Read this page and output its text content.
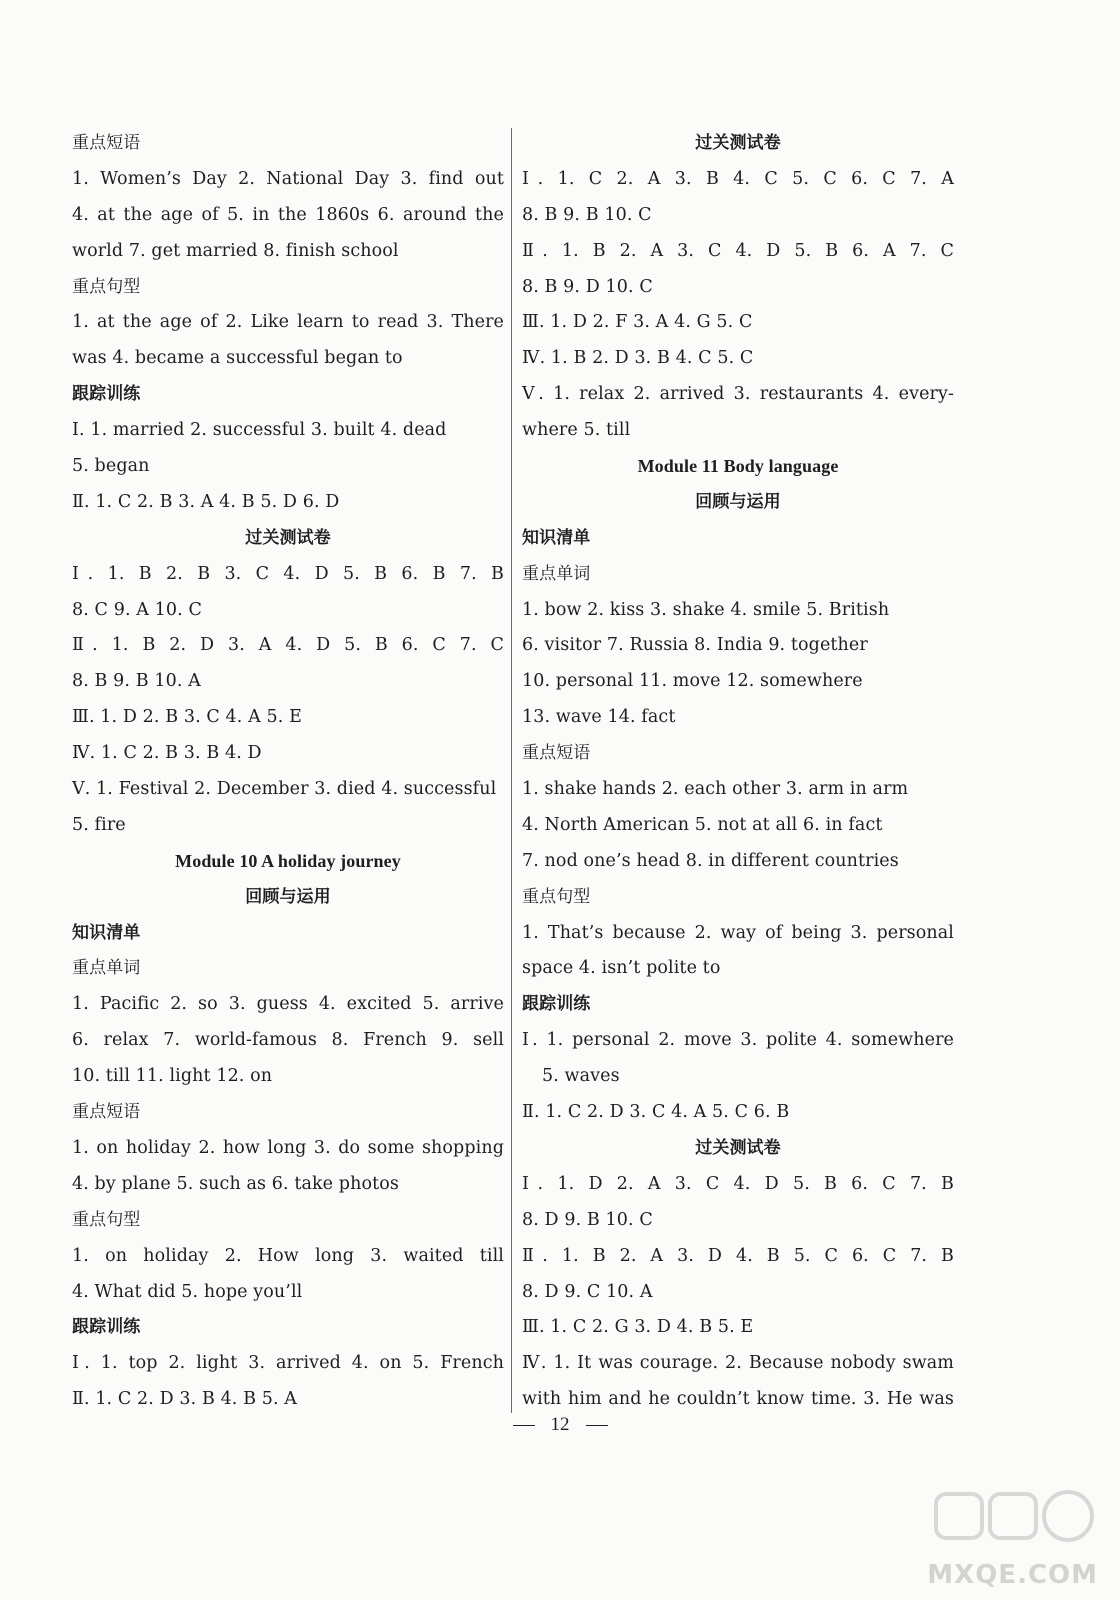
重点短语
1. Women’s Day 2. National Day 3. find out
4. at the age of 5. in the 1860s 6. around the
world 7. get married 8. finish school
重点句型
1. at the age of 2. Like learn to read 3. There
was 4. became a successful began to
跟踪训练
Ⅰ. 1. married 2. successful 3. built 4. dead
5. began
Ⅱ. 1. C 2. B 3. A 4. B 5. D 6. D
过关测试卷
Ⅰ. 1. B 2. B 3. C 4. D 5. B 6. B 7. B
8. C 9. A 10. C
Ⅱ. 1. B 2. D 3. A 4. D 5. B 6. C 7. C
8. B 9. B 10. A
Ⅲ. 1. D 2. B 3. C 4. A 5. E
Ⅳ. 1. C 2. B 3. B 4. D
Ⅴ. 1. Festival 2. December 3. died 4. successful
5. fire
Module 10 A holiday journey
回顾与运用
知识清单
重点单词
1. Pacific 2. so 3. guess 4. excited 5. arrive
6. relax 7. world-famous 8. French 9. sell
10. till 11. light 12. on
重点短语
1. on holiday 2. how long 3. do some shopping
4. by plane 5. such as 6. take photos
重点句型
1. on holiday 2. How long 3. waited till
4. What did 5. hope you’ll
跟踪训练
Ⅰ. 1. top 2. light 3. arrived 4. on 5. French
Ⅱ. 1. C 2. D 3. B 4. B 5. A
过关测试卷
Ⅰ. 1. C 2. A 3. B 4. C 5. C 6. C 7. A
8. B 9. B 10. C
Ⅱ. 1. B 2. A 3. C 4. D 5. B 6. A 7. C
8. B 9. D 10. C
Ⅲ. 1. D 2. F 3. A 4. G 5. C
Ⅳ. 1. B 2. D 3. B 4. C 5. C
Ⅴ. 1. relax 2. arrived 3. restaurants 4. every-
where 5. till
Module 11 Body language
回顾与运用
知识清单
重点单词
1. bow 2. kiss 3. shake 4. smile 5. British
6. visitor 7. Russia 8. India 9. together
10. personal 11. move 12. somewhere
13. wave 14. fact
重点短语
1. shake hands 2. each other 3. arm in arm
4. North American 5. not at all 6. in fact
7. nod one’s head 8. in different countries
重点句型
1. That’s because 2. way of being 3. personal
space 4. isn’t polite to
跟踪训练
Ⅰ. 1. personal 2. move 3. polite 4. somewhere
5. waves
Ⅱ. 1. C 2. D 3. C 4. A 5. C 6. B
过关测试卷
Ⅰ. 1. D 2. A 3. C 4. D 5. B 6. C 7. B
8. D 9. B 10. C
Ⅱ. 1. B 2. A 3. D 4. B 5. C 6. C 7. B
8. D 9. C 10. A
Ⅲ. 1. C 2. G 3. D 4. B 5. E
Ⅳ. 1. It was courage. 2. Because nobody swam
with him and he couldn’t know time. 3. He was
12
MXQE.COM
